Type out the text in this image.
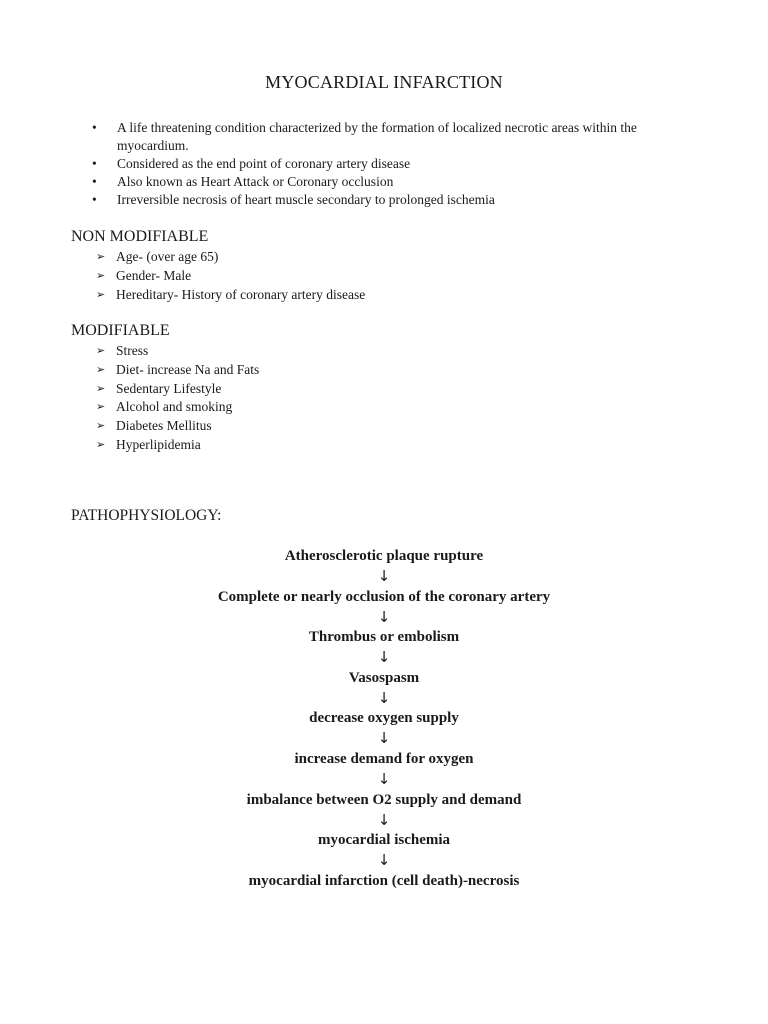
MYOCARDIAL INFARCTION
• A life threatening condition characterized by the formation of localized necrotic areas within the myocardium.
• Considered as the end point of coronary artery disease
• Also known as Heart Attack or Coronary occlusion
• Irreversible necrosis of heart muscle secondary to prolonged ischemia
NON MODIFIABLE
➢ Age- (over age 65)
➢ Gender- Male
➢ Hereditary- History of coronary artery disease
MODIFIABLE
➢ Stress
➢ Diet- increase Na and Fats
➢ Sedentary Lifestyle
➢ Alcohol and smoking
➢ Diabetes Mellitus
➢ Hyperlipidemia
PATHOPHYSIOLOGY:
Atherosclerotic plaque rupture
↓
Complete or nearly occlusion of the coronary artery
↓
Thrombus or embolism
↓
Vasospasm
↓
decrease oxygen supply
↓
increase demand for oxygen
↓
imbalance between O2 supply and demand
↓
myocardial ischemia
↓
myocardial infarction (cell death)-necrosis
